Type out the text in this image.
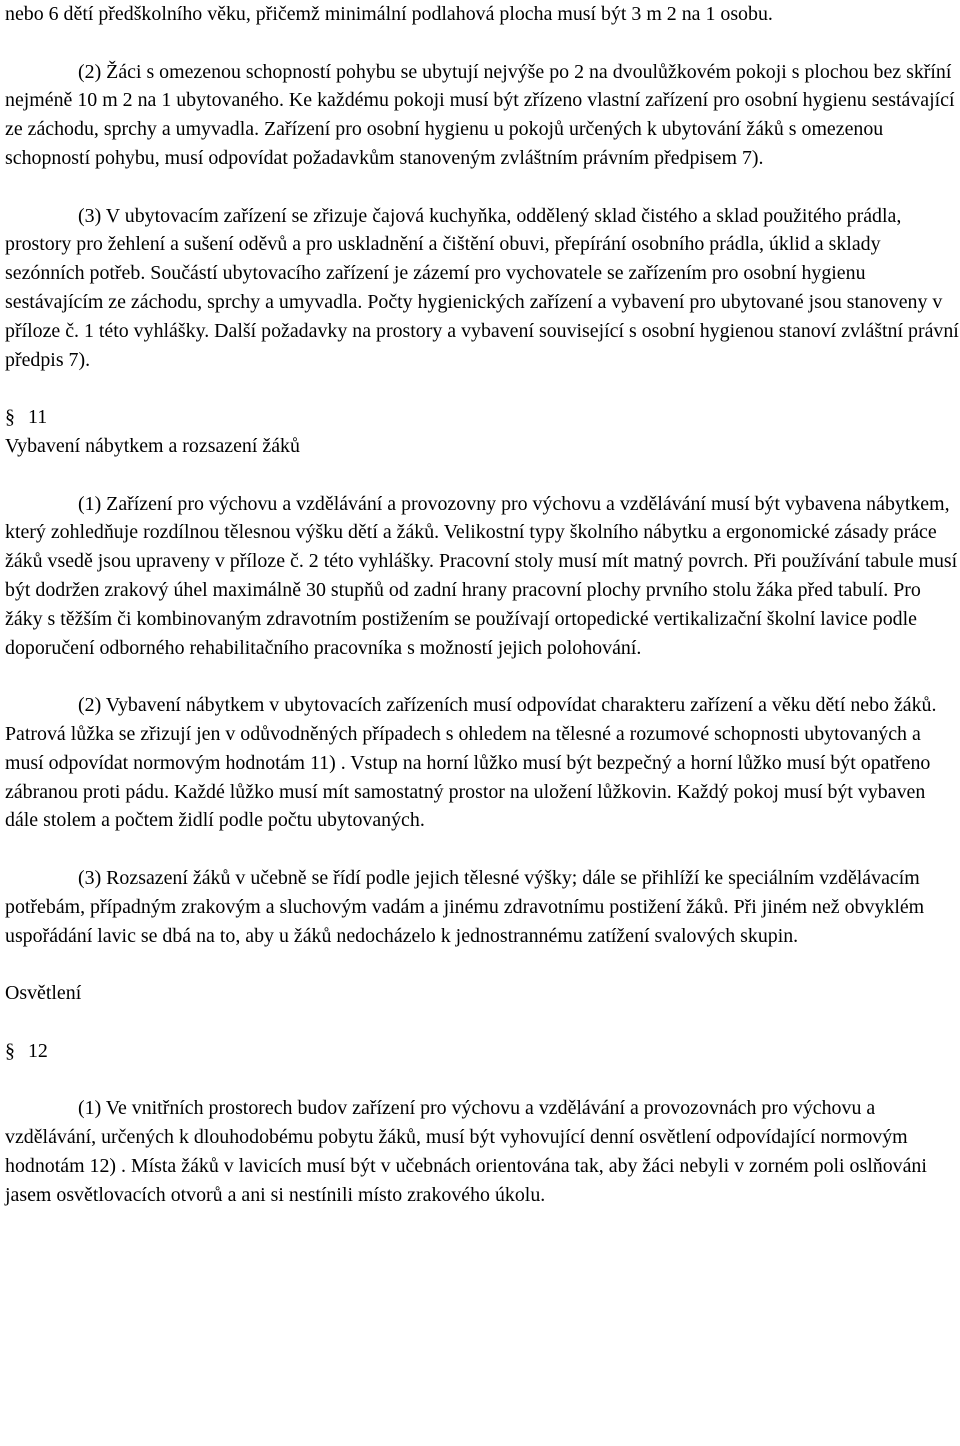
nebo 6 dětí předškolního věku, přičemž minimální podlahová plocha musí být 3 m 2 na 1 osobu.

(2) Žáci s omezenou schopností pohybu se ubytují nejvýše po 2 na dvoulůžkovém pokoji s plochou bez skříní nejméně 10 m 2 na 1 ubytovaného. Ke každému pokoji musí být zřízeno vlastní zařízení pro osobní hygienu sestávající ze záchodu, sprchy a umyvadla. Zařízení pro osobní hygienu u pokojů určených k ubytování žáků s omezenou schopností pohybu, musí odpovídat požadavkům stanoveným zvláštním právním předpisem 7).

(3) V ubytovacím zařízení se zřizuje čajová kuchyňka, oddělený sklad čistého a sklad použitého prádla, prostory pro žehlení a sušení oděvů a pro uskladnění a čištění obuvi, přepírání osobního prádla, úklid a sklady sezónních potřeb. Součástí ubytovacího zařízení je zázemí pro vychovatele se zařízením pro osobní hygienu sestávajícím ze záchodu, sprchy a umyvadla. Počty hygienických zařízení a vybavení pro ubytované jsou stanoveny v příloze č. 1 této vyhlášky. Další požadavky na prostory a vybavení související s osobní hygienou stanoví zvláštní právní předpis 7).

§ 11

Vybavení nábytkem a rozsazení žáků

(1) Zařízení pro výchovu a vzdělávání a provozovny pro výchovu a vzdělávání musí být vybavena nábytkem, který zohledňuje rozdílnou tělesnou výšku dětí a žáků. Velikostní typy školního nábytku a ergonomické zásady práce žáků vsedě jsou upraveny v příloze č. 2 této vyhlášky. Pracovní stoly musí mít matný povrch. Při používání tabule musí být dodržen zrakový úhel maximálně 30 stupňů od zadní hrany pracovní plochy prvního stolu žáka před tabulí. Pro žáky s těžším či kombinovaným zdravotním postižením se používají ortopedické vertikalizační školní lavice podle doporučení odborného rehabilitačního pracovníka s možností jejich polohování.

(2) Vybavení nábytkem v ubytovacích zařízeních musí odpovídat charakteru zařízení a věku dětí nebo žáků. Patrová lůžka se zřizují jen v odůvodněných případech s ohledem na tělesné a rozumové schopnosti ubytovaných a musí odpovídat normovým hodnotám 11) . Vstup na horní lůžko musí být bezpečný a horní lůžko musí být opatřeno zábranou proti pádu. Každé lůžko musí mít samostatný prostor na uložení lůžkovin. Každý pokoj musí být vybaven dále stolem a počtem židlí podle počtu ubytovaných.

(3) Rozsazení žáků v učebně se řídí podle jejich tělesné výšky; dále se přihlíží ke speciálním vzdělávacím potřebám, případným zrakovým a sluchovým vadám a jinému zdravotnímu postižení žáků. Při jiném než obvyklém uspořádání lavic se dbá na to, aby u žáků nedocházelo k jednostrannému zatížení svalových skupin.

Osvětlení

§ 12

(1) Ve vnitřních prostorech budov zařízení pro výchovu a vzdělávání a provozovnách pro výchovu a vzdělávání, určených k dlouhodobému pobytu žáků, musí být vyhovující denní osvětlení odpovídající normovým hodnotám 12) . Místa žáků v lavicích musí být v učebnách orientována tak, aby žáci nebyli v zorném poli oslňováni jasem osvětlovacích otvorů a ani si nestínili místo zrakového úkolu.
